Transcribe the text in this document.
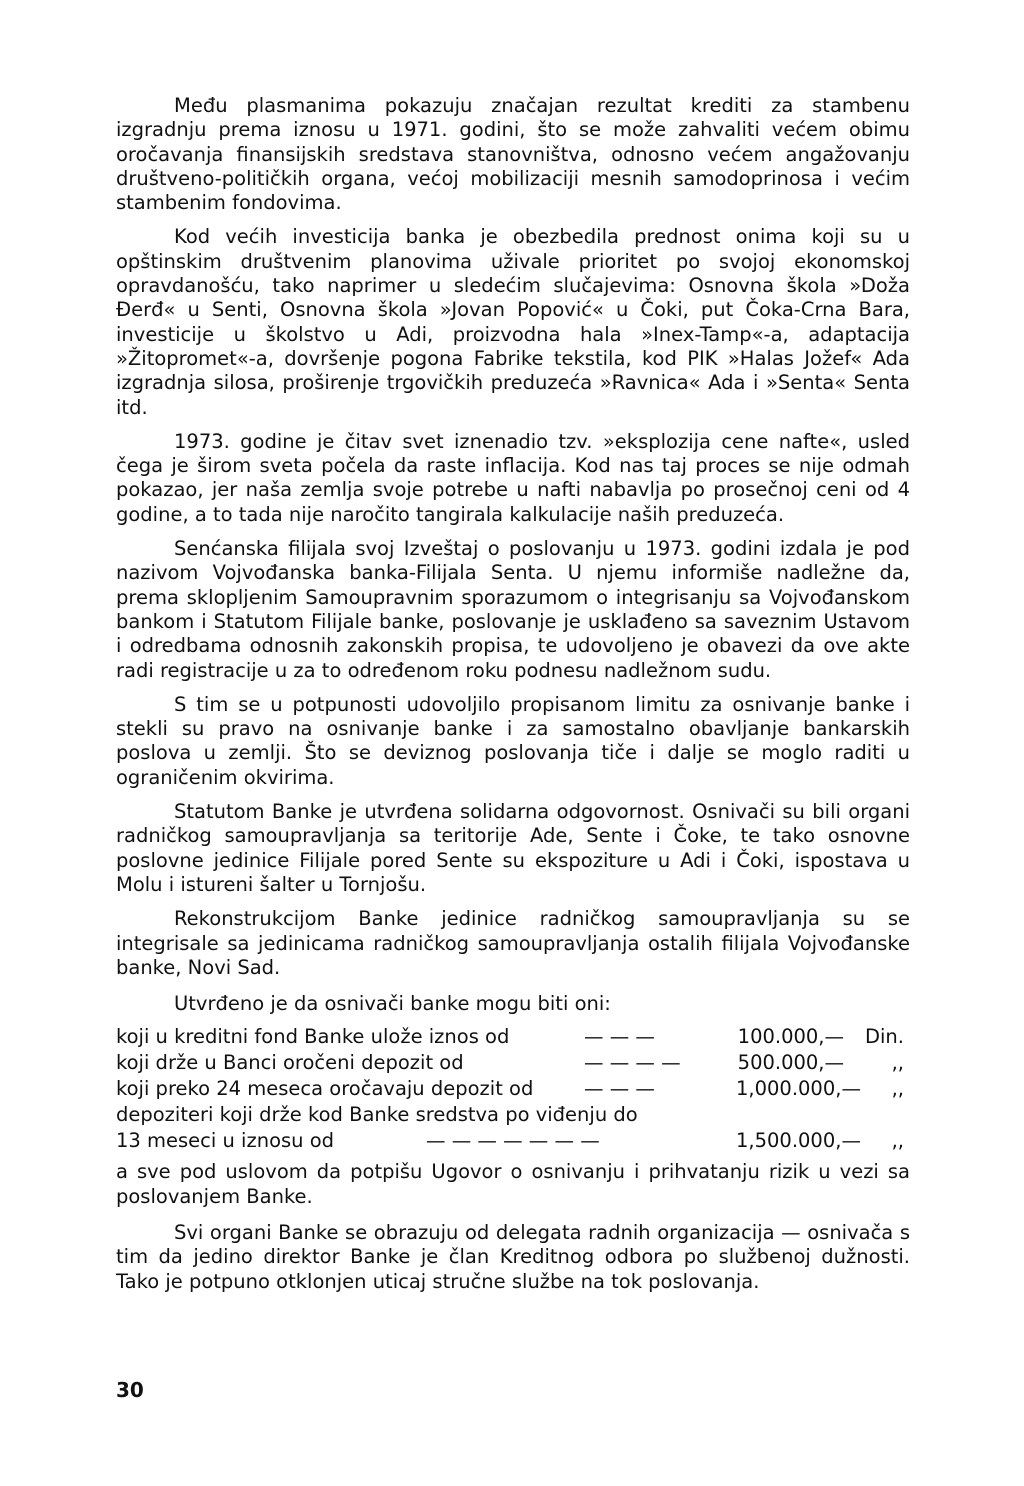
Među plasmanima pokazuju značajan rezultat krediti za stambenu izgradnju prema iznosu u 1971. godini, što se može zahvaliti većem obimu oročavanja finansijskih sredstava stanovništva, odnosno većem angažovanju društveno-političkih organa, većoj mobilizaciji mesnih samodoprinosa i većim stambenim fondovima.

Kod većih investicija banka je obezbedila prednost onima koji su u opštinskim društvenim planovima uživale prioritet po svojoj ekonomskoj opravdanošću, tako naprimer u sledećim slučajevima: Osnovna škola »Doža Đerđ« u Senti, Osnovna škola »Jovan Popović« u Čoki, put Čoka-Crna Bara, investicije u školstvo u Adi, proizvodna hala »Inex-Tamp«-a, adaptacija »Žitopromet«-a, dovršenje pogona Fabrike tekstila, kod PIK »Halas Jožef« Ada izgradnja silosa, proširenje trgovičkih preduzeća »Ravnica« Ada i »Senta« Senta itd.

1973. godine je čitav svet iznenadio tzv. »eksplozija cene nafte«, usled čega je širom sveta počela da raste inflacija. Kod nas taj proces se nije odmah pokazao, jer naša zemlja svoje potrebe u nafti nabavlja po prosečnoj ceni od 4 godine, a to tada nije naročito tangirala kalkulacije naših preduzeća.

Senćanska filijala svoj Izveštaj o poslovanju u 1973. godini izdala je pod nazivom Vojvođanska banka-Filijala Senta. U njemu informiše nadležne da, prema sklopljenim Samoupravnim sporazumom o integrisanju sa Vojvođanskom bankom i Statutom Filijale banke, poslovanje je usklađeno sa saveznim Ustavom i odredbama odnosnih zakonskih propisa, te udovoljeno je obavezi da ove akte radi registracije u za to određenom roku podnesu nadležnom sudu.

S tim se u potpunosti udovoljilo propisanom limitu za osnivanje banke i stekli su pravo na osnivanje banke i za samostalno obavljanje bankarskih poslova u zemlji. Što se deviznog poslovanja tiče i dalje se moglo raditi u ograničenim okvirima.

Statutom Banke je utvrđena solidarna odgovornost. Osnivači su bili organi radničkog samoupravljanja sa teritorije Ade, Sente i Čoke, te tako osnovne poslovne jedinice Filijale pored Sente su ekspoziture u Adi i Čoki, ispostava u Molu i istureni šalter u Tornjošu.

Rekonstrukcijom Banke jedinice radničkog samoupravljanja su se integrisale sa jedinicama radničkog samoupravljanja ostalih filijala Vojvođanske banke, Novi Sad.

Utvrđeno je da osnivači banke mogu biti oni:

koji u kreditni fond Banke ulože iznos od	— — —	100.000,—	Din.
koji drže u Banci oročeni depozit od	— — — —	500.000,—	,,
koji preko 24 meseca oročavaju depozit od	— — —	1,000.000,—	,,
depoziteri koji drže kod Banke sredstva po viđenju do
13 meseci u iznosu od	— — — — — — —	1,500.000,—	,,

a sve pod uslovom da potpišu Ugovor o osnivanju i prihvatanju rizik u vezi sa poslovanjem Banke.

Svi organi Banke se obrazuju od delegata radnih organizacija — osnivača s tim da jedino direktor Banke je član Kreditnog odbora po službenoj dužnosti. Tako je potpuno otklonjen uticaj stručne službe na tok poslovanja.

30
